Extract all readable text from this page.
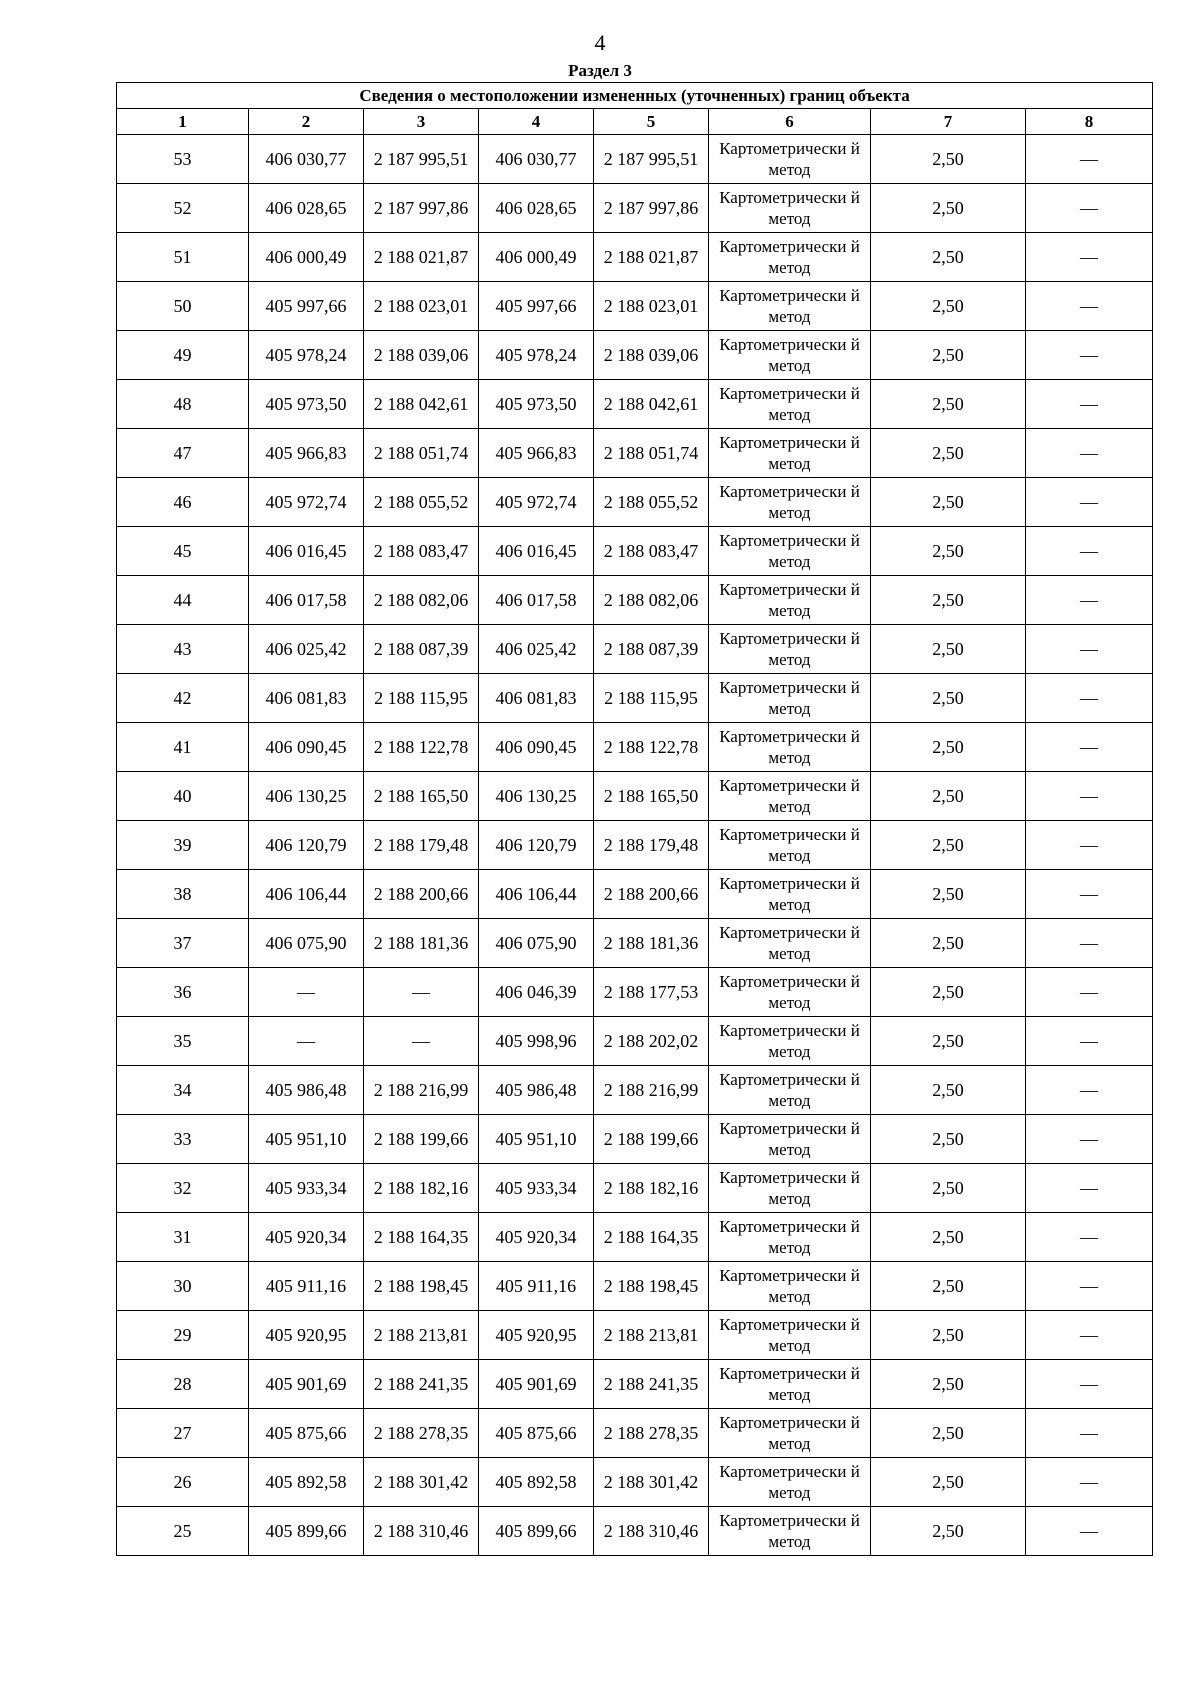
4
Раздел 3
Сведения о местоположении измененных (уточненных) границ объекта							
1	2	3	4	5	6	7	8
53	406 030,77	2 187 995,51	406 030,77	2 187 995,51	Картометрически й метод	2,50	—
52	406 028,65	2 187 997,86	406 028,65	2 187 997,86	Картометрически й метод	2,50	—
51	406 000,49	2 188 021,87	406 000,49	2 188 021,87	Картометрически й метод	2,50	—
50	405 997,66	2 188 023,01	405 997,66	2 188 023,01	Картометрически й метод	2,50	—
49	405 978,24	2 188 039,06	405 978,24	2 188 039,06	Картометрически й метод	2,50	—
48	405 973,50	2 188 042,61	405 973,50	2 188 042,61	Картометрически й метод	2,50	—
47	405 966,83	2 188 051,74	405 966,83	2 188 051,74	Картометрически й метод	2,50	—
46	405 972,74	2 188 055,52	405 972,74	2 188 055,52	Картометрически й метод	2,50	—
45	406 016,45	2 188 083,47	406 016,45	2 188 083,47	Картометрически й метод	2,50	—
44	406 017,58	2 188 082,06	406 017,58	2 188 082,06	Картометрически й метод	2,50	—
43	406 025,42	2 188 087,39	406 025,42	2 188 087,39	Картометрически й метод	2,50	—
42	406 081,83	2 188 115,95	406 081,83	2 188 115,95	Картометрически й метод	2,50	—
41	406 090,45	2 188 122,78	406 090,45	2 188 122,78	Картометрически й метод	2,50	—
40	406 130,25	2 188 165,50	406 130,25	2 188 165,50	Картометрически й метод	2,50	—
39	406 120,79	2 188 179,48	406 120,79	2 188 179,48	Картометрически й метод	2,50	—
38	406 106,44	2 188 200,66	406 106,44	2 188 200,66	Картометрически й метод	2,50	—
37	406 075,90	2 188 181,36	406 075,90	2 188 181,36	Картометрически й метод	2,50	—
36	—	—	406 046,39	2 188 177,53	Картометрически й метод	2,50	—
35	—	—	405 998,96	2 188 202,02	Картометрически й метод	2,50	—
34	405 986,48	2 188 216,99	405 986,48	2 188 216,99	Картометрически й метод	2,50	—
33	405 951,10	2 188 199,66	405 951,10	2 188 199,66	Картометрически й метод	2,50	—
32	405 933,34	2 188 182,16	405 933,34	2 188 182,16	Картометрически й метод	2,50	—
31	405 920,34	2 188 164,35	405 920,34	2 188 164,35	Картометрически й метод	2,50	—
30	405 911,16	2 188 198,45	405 911,16	2 188 198,45	Картометрически й метод	2,50	—
29	405 920,95	2 188 213,81	405 920,95	2 188 213,81	Картометрически й метод	2,50	—
28	405 901,69	2 188 241,35	405 901,69	2 188 241,35	Картометрически й метод	2,50	—
27	405 875,66	2 188 278,35	405 875,66	2 188 278,35	Картометрически й метод	2,50	—
26	405 892,58	2 188 301,42	405 892,58	2 188 301,42	Картометрически й метод	2,50	—
25	405 899,66	2 188 310,46	405 899,66	2 188 310,46	Картометрически й метод	2,50	—
